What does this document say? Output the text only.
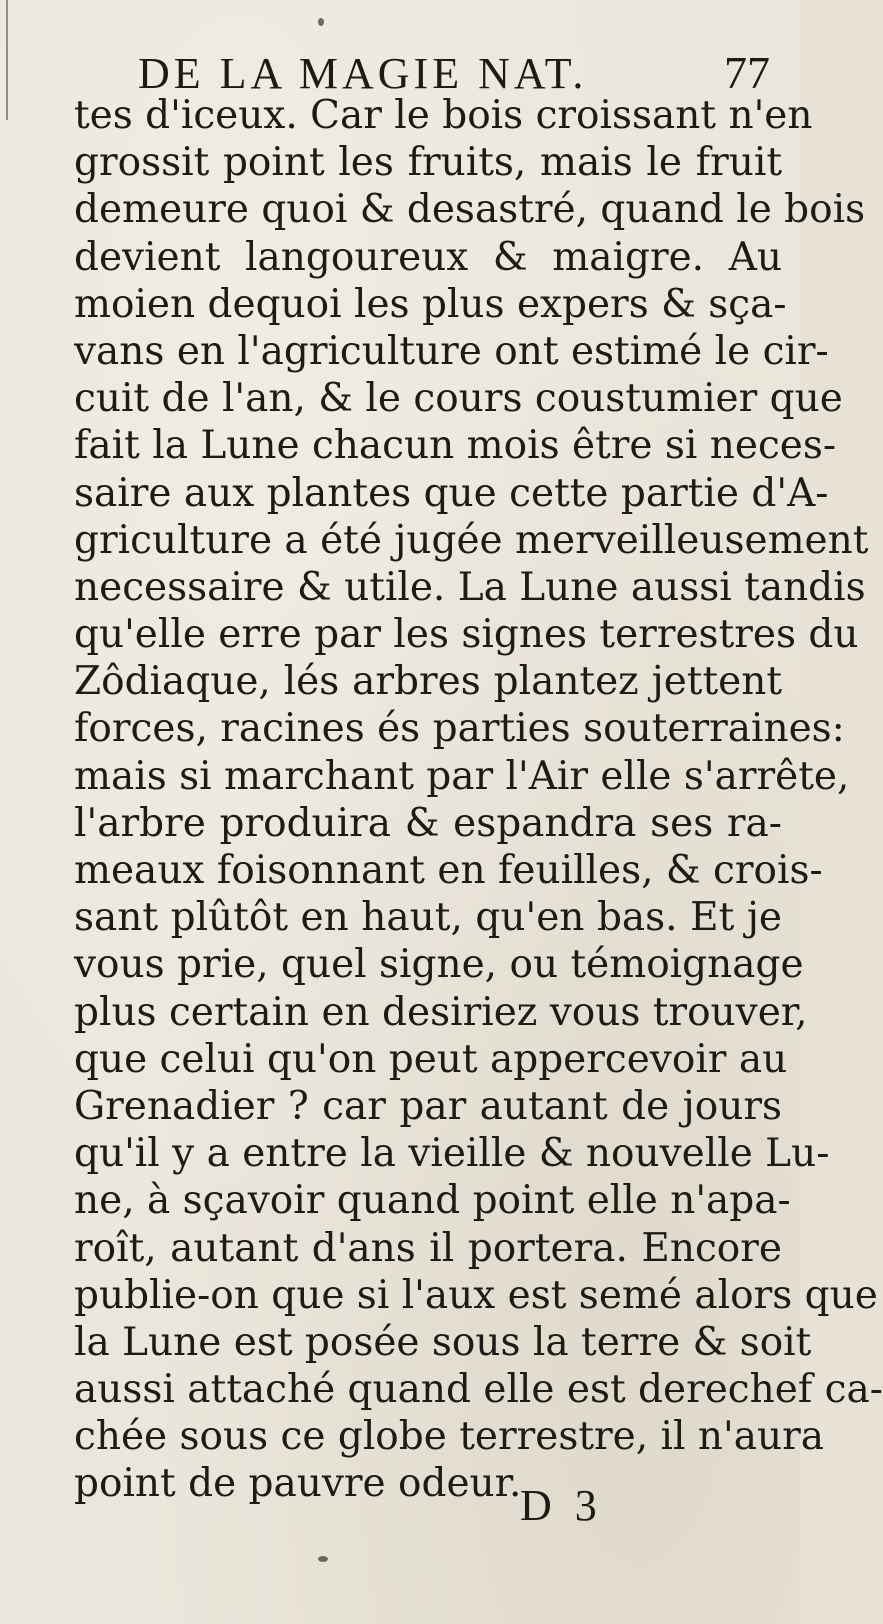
DE LA MAGIE NAT.	77
tes d'iceux. Car le bois croissant n'en
grossit point les fruits, mais le fruit
demeure quoi & desastré, quand le bois
devient langoureux & maigre. Au
moien dequoi les plus expers & sça-
vans en l'agriculture ont estimé le cir-
cuit de l'an, & le cours coustumier que
fait la Lune chacun mois être si neces-
saire aux plantes que cette partie d'A-
griculture a été jugée merveilleusement
necessaire & utile. La Lune aussi tandis
qu'elle erre par les signes terrestres du
Zôdiaque, lés arbres plantez jettent
forces, racines és parties souterraines:
mais si marchant par l'Air elle s'arrête,
l'arbre produira & espandra ses ra-
meaux foisonnant en feuilles, & crois-
sant plûtôt en haut, qu'en bas. Et je
vous prie, quel signe, ou témoignage
plus certain en desiriez vous trouver,
que celui qu'on peut appercevoir au
Grenadier ? car par autant de jours
qu'il y a entre la vieille & nouvelle Lu-
ne, à sçavoir quand point elle n'apa-
roît, autant d'ans il portera. Encore
publie-on que si l'aux est semé alors que
la Lune est posée sous la terre & soit
aussi attaché quand elle est derechef ca-
chée sous ce globe terrestre, il n'aura
point de pauvre odeur.
D 3
